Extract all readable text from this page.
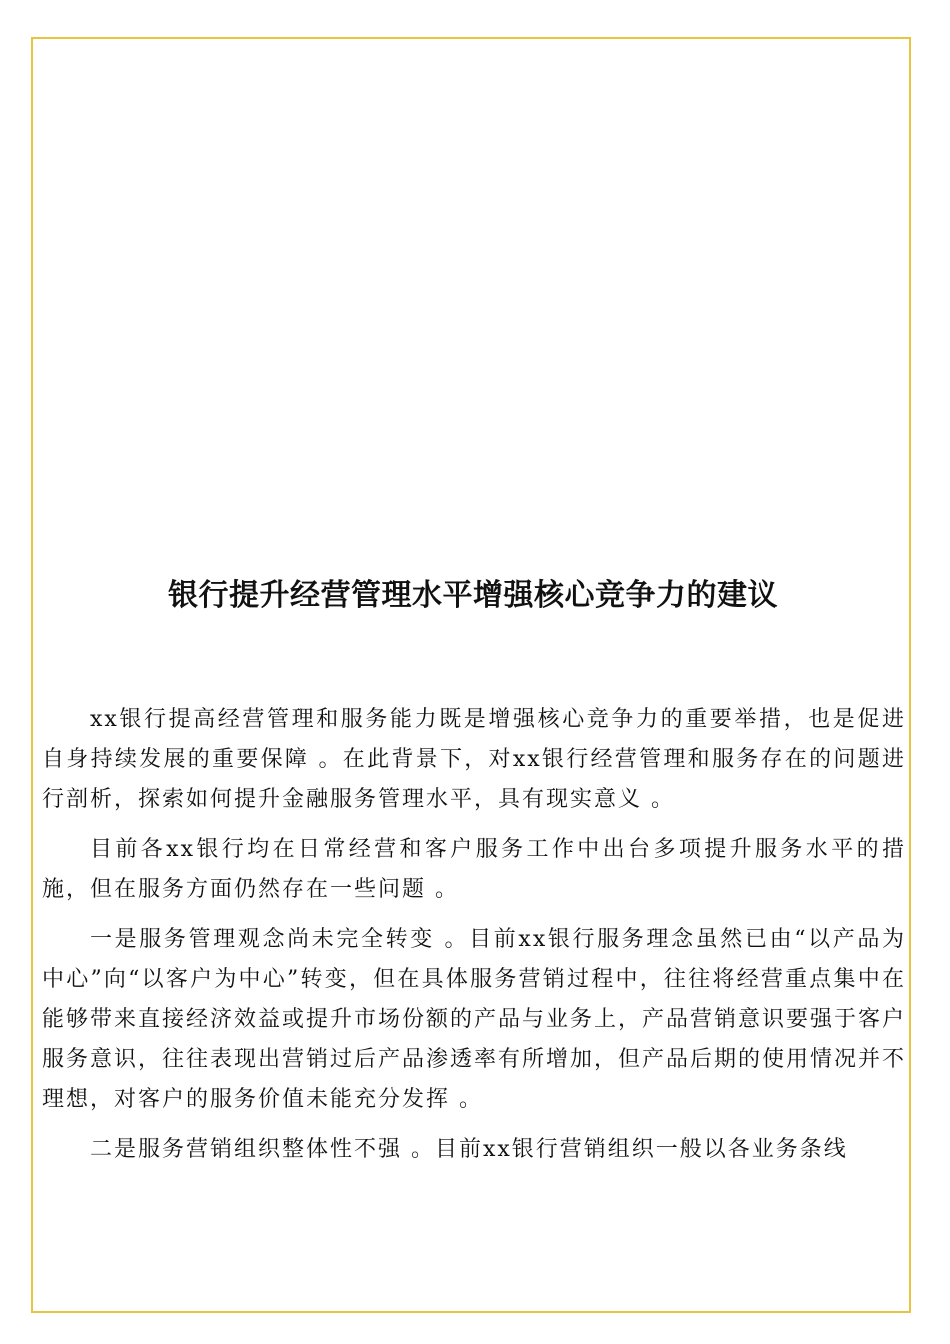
银行提升经营管理水平增强核心竞争力的建议

xx银行提高经营管理和服务能力既是增强核心竞争力的重要举措，也是促进自身持续发展的重要保障 。在此背景下，对xx银行经营管理和服务存在的问题进行剖析，探索如何提升金融服务管理水平，具有现实意义 。

目前各xx银行均在日常经营和客户服务工作中出台多项提升服务水平的措施，但在服务方面仍然存在一些问题 。

一是服务管理观念尚未完全转变 。目前xx银行服务理念虽然已由“以产品为中心”向“以客户为中心”转变，但在具体服务营销过程中，往往将经营重点集中在能够带来直接经济效益或提升市场份额的产品与业务上，产品营销意识要强于客户服务意识，往往表现出营销过后产品渗透率有所增加，但产品后期的使用情况并不理想，对客户的服务价值未能充分发挥 。

二是服务营销组织整体性不强 。目前xx银行营销组织一般以各业务条线
